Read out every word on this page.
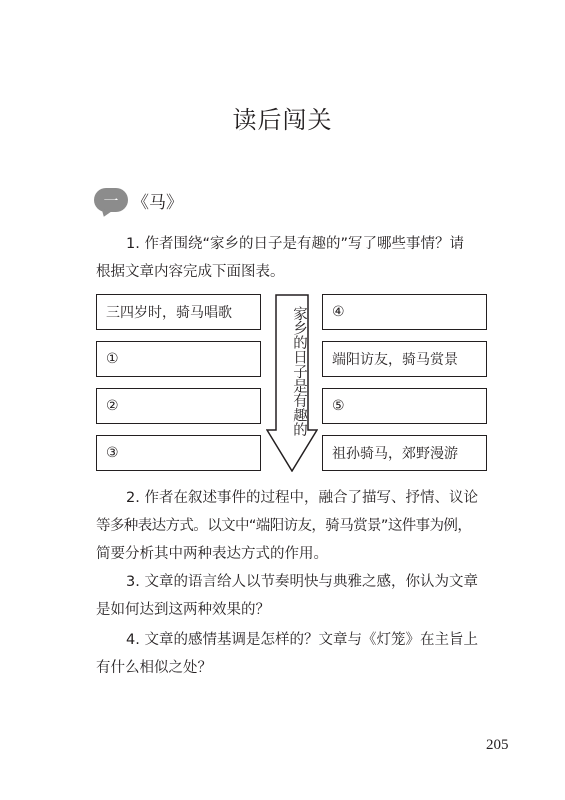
读后闯关
一 《马》
1. 作者围绕“家乡的日子是有趣的”写了哪些事情？请
根据文章内容完成下面图表。
三四岁时，骑马唱歌
①
②
③
家乡的日子是有趣的	④
端阳访友，骑马赏景
⑤
祖孙骑马，郊野漫游
2. 作者在叙述事件的过程中，融合了描写、抒情、议论
等多种表达方式。以文中“端阳访友，骑马赏景”这件事为例，
简要分析其中两种表达方式的作用。
3. 文章的语言给人以节奏明快与典雅之感，你认为文章
是如何达到这两种效果的？
4. 文章的感情基调是怎样的？文章与《灯笼》在主旨上
有什么相似之处？
205
